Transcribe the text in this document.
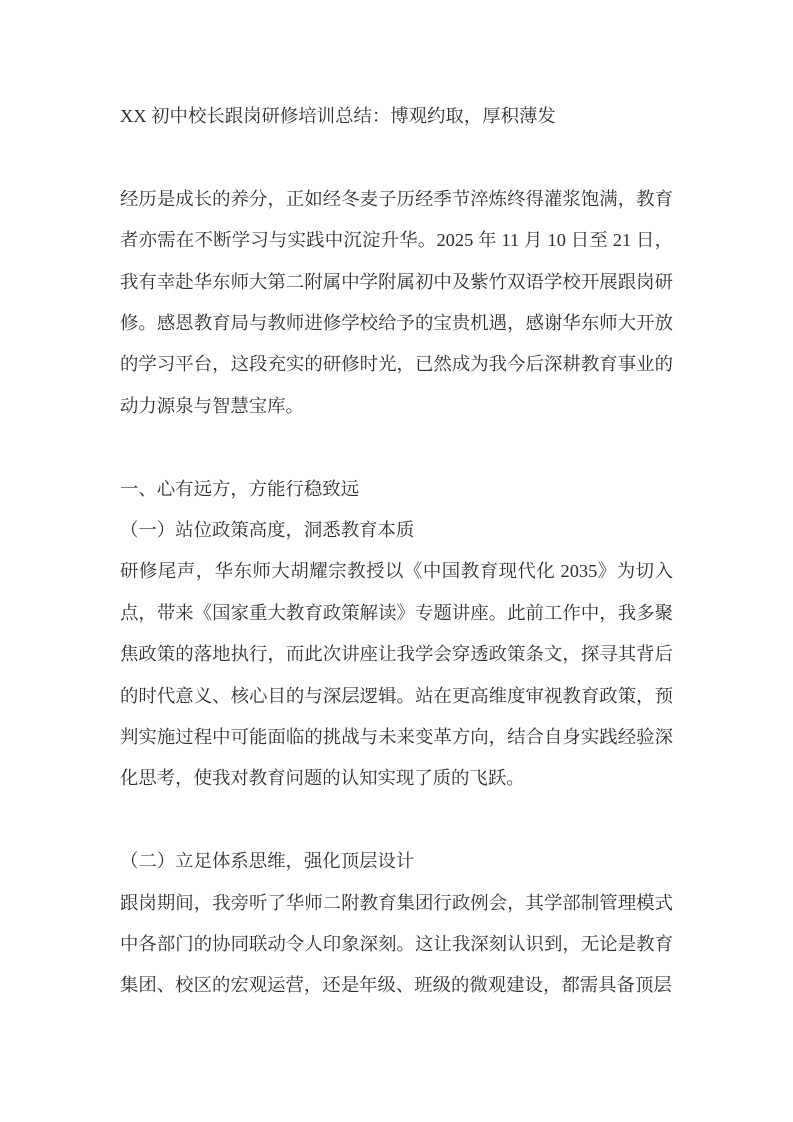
XX 初中校长跟岗研修培训总结：博观约取，厚积薄发

经历是成长的养分，正如经冬麦子历经季节淬炼终得灌浆饱满，教育者亦需在不断学习与实践中沉淀升华。2025 年 11 月 10 日至 21 日，我有幸赴华东师大第二附属中学附属初中及紫竹双语学校开展跟岗研修。感恩教育局与教师进修学校给予的宝贵机遇，感谢华东师大开放的学习平台，这段充实的研修时光，已然成为我今后深耕教育事业的动力源泉与智慧宝库。

一、心有远方，方能行稳致远
（一）站位政策高度，洞悉教育本质

研修尾声，华东师大胡耀宗教授以《中国教育现代化 2035》为切入点，带来《国家重大教育政策解读》专题讲座。此前工作中，我多聚焦政策的落地执行，而此次讲座让我学会穿透政策条文，探寻其背后的时代意义、核心目的与深层逻辑。站在更高维度审视教育政策，预判实施过程中可能面临的挑战与未来变革方向，结合自身实践经验深化思考，使我对教育问题的认知实现了质的飞跃。

（二）立足体系思维，强化顶层设计

跟岗期间，我旁听了华师二附教育集团行政例会，其学部制管理模式中各部门的协同联动令人印象深刻。这让我深刻认识到，无论是教育集团、校区的宏观运营，还是年级、班级的微观建设，都需具备顶层
